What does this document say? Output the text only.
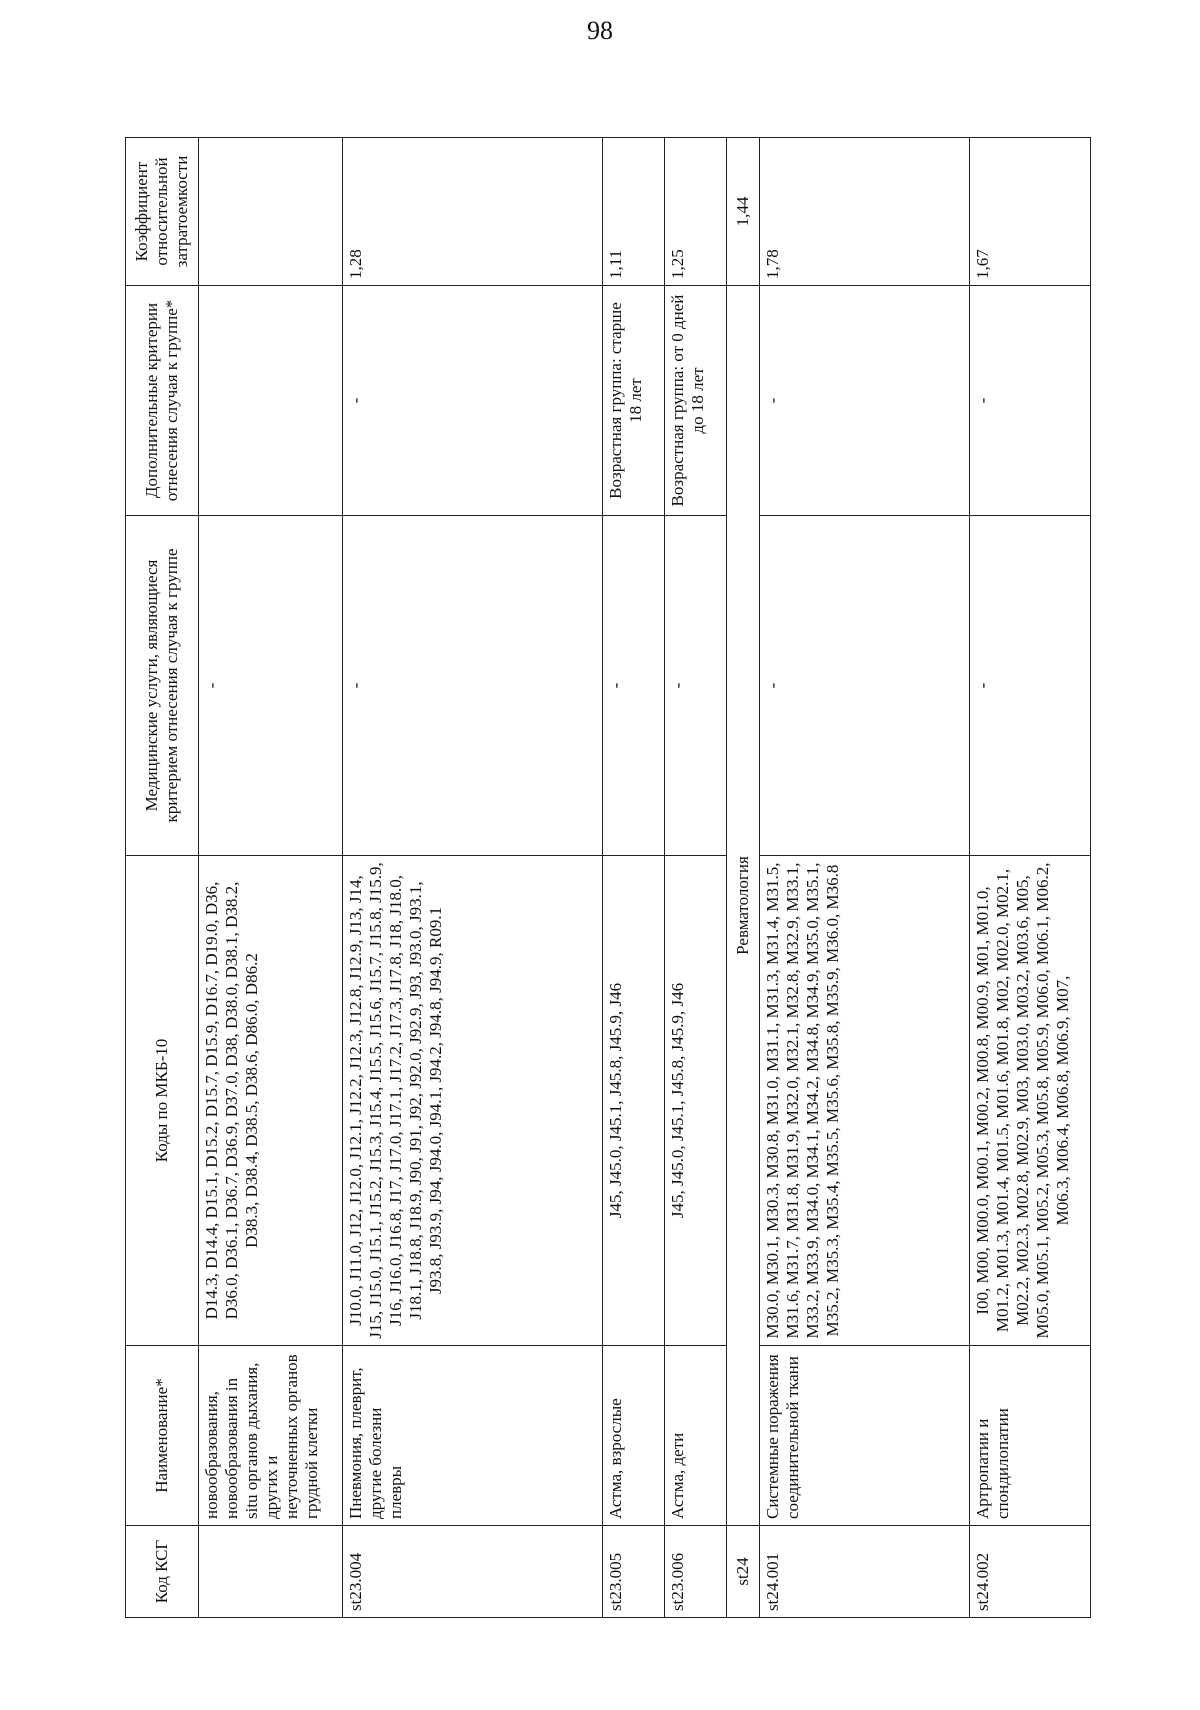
98
Код КСГ	Наименование*	Коды по МКБ-10	Медицинские услуги, являющиеся критерием отнесения случая к группе	Дополнительные критерии отнесения случая к группе*	Коэффициент относительной затратоемкости
	новообразования, новообразования in situ органов дыхания, других и неуточненных органов грудной клетки	D14.3, D14.4, D15.1, D15.2, D15.7, D15.9, D16.7, D19.0, D36, D36.0, D36.1, D36.7, D36.9, D37.0, D38, D38.0, D38.1, D38.2, D38.3, D38.4, D38.5, D38.6, D86.0, D86.2	-		
st23.004	Пневмония, плеврит, другие болезни плевры	J10.0, J11.0, J12, J12.0, J12.1, J12.2, J12.3, J12.8, J12.9, J13, J14, J15, J15.0, J15.1, J15.2, J15.3, J15.4, J15.5, J15.6, J15.7, J15.8, J15.9, J16, J16.0, J16.8, J17, J17.0, J17.1, J17.2, J17.3, J17.8, J18, J18.0, J18.1, J18.8, J18.9, J90, J91, J92, J92.0, J92.9, J93, J93.0, J93.1, J93.8, J93.9, J94, J94.0, J94.1, J94.2, J94.8, J94.9, R09.1	-	-	1,28
st23.005	Астма, взрослые	J45, J45.0, J45.1, J45.8, J45.9, J46	-	Возрастная группа: старше 18 лет	1,11
st23.006	Астма, дети	J45, J45.0, J45.1, J45.8, J45.9, J46	-	Возрастная группа: от 0 дней до 18 лет	1,25
st24	Ревматология				1,44
st24.001	Системные поражения соединительной ткани	M30.0, M30.1, M30.3, M30.8, M31.0, M31.1, M31.3, M31.4, M31.5, M31.6, M31.7, M31.8, M31.9, M32.0, M32.1, M32.8, M32.9, M33.1, M33.2, M33.9, M34.0, M34.1, M34.2, M34.8, M34.9, M35.0, M35.1, M35.2, M35.3, M35.4, M35.5, M35.6, M35.8, M35.9, M36.0, M36.8	-	-	1,78
st24.002	Артропатии и спондилопатии	I00, M00, M00.0, M00.1, M00.2, M00.8, M00.9, M01, M01.0, M01.2, M01.3, M01.4, M01.5, M01.6, M01.8, M02, M02.0, M02.1, M02.2, M02.3, M02.8, M02.9, M03, M03.0, M03.2, M03.6, M05, M05.0, M05.1, M05.2, M05.3, M05.8, M05.9, M06.0, M06.1, M06.2, M06.3, M06.4, M06.8, M06.9, M07,	-	-	1,67
